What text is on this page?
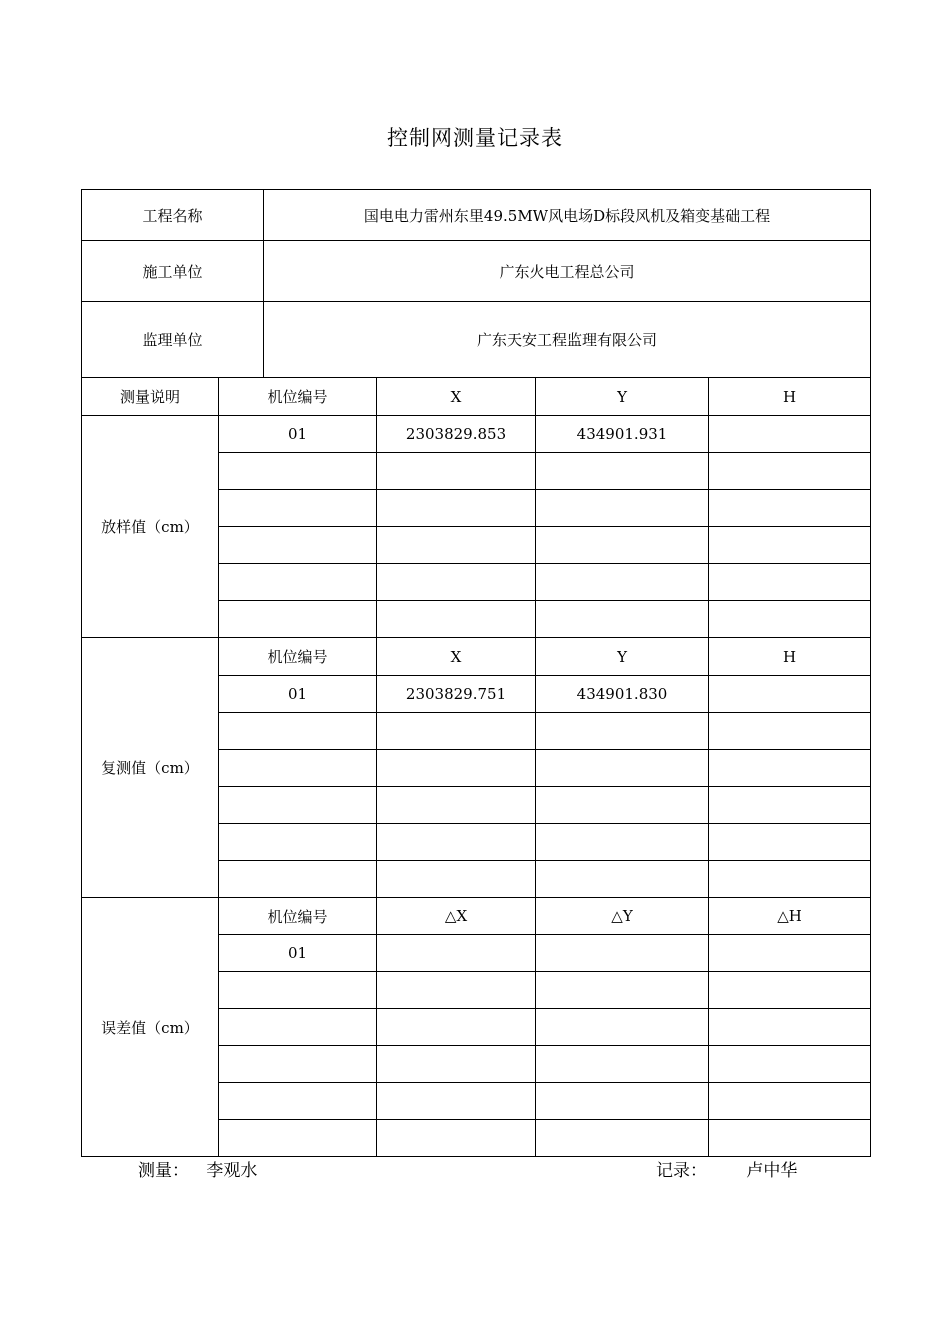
控制网测量记录表
工程名称		国电电力雷州东里49.5MW风电场D标段风机及箱变基础工程			
施工单位		广东火电工程总公司			
监理单位		广东天安工程监理有限公司			
测量说明	机位编号		X	Y	H
放样值（cm）	01		2303829.853	434901.931	

复测值（cm）	机位编号		X	Y	H
	01		2303829.751	434901.830	

误差值（cm）	机位编号		△X	△Y	△H
	01				

测量： 李观水	记录： 卢中华
